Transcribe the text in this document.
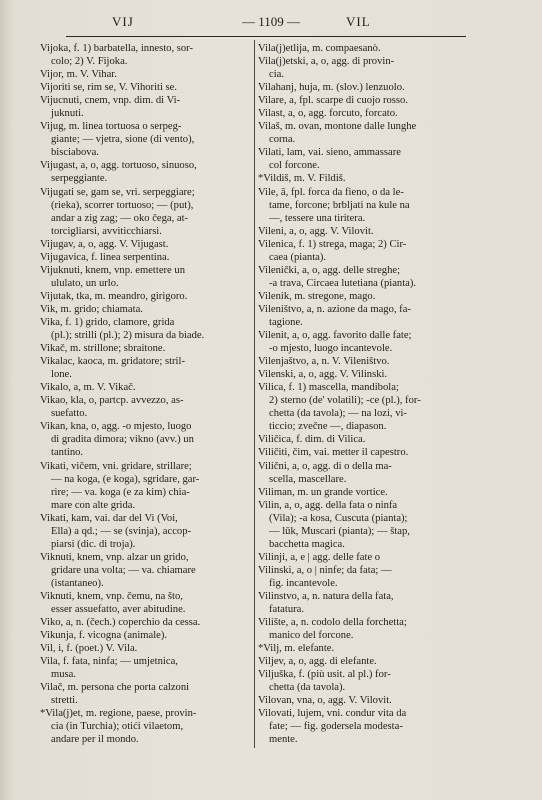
VIJ	— 1109 —	VIL
Vijoka, f. 1) barbatella, innesto, sor-
colo; 2) V. Fijoka.
Vijor, m. V. Vihar.
Vijoriti se, rim se, V. Vihoriti se.
Vijucnuti, cnem, vnp. dim. di Vi-
juknuti.
Vijug, m. linea tortuosa o serpeg-
giante; — vjetra, sione (di vento),
bisciabova.
Vijugast, a, o, agg. tortuoso, sinuoso,
serpeggiante.
Vijugati se, gam se, vri. serpeggiare;
(rieka), scorrer tortuoso; — (put),
andar a zig zag; — oko čega, at-
torcigliarsi, avviticchiarsi.
Vijugav, a, o, agg. V. Vijugast.
Vijugavica, f. linea serpentina.
Vijuknuti, knem, vnp. emettere un
ululato, un urlo.
Vijutak, tka, m. meandro, girigoro.
Vik, m. grido; chiamata.
Vika, f. 1) grido, clamore, grida
(pl.); strilli (pl.); 2) misura da biade.
Vikač, m. strillone; sbraitone.
Vikalac, kaoca, m. gridatore; stril-
lone.
Vikalo, a, m. V. Vikač.
Vikao, kla, o, partcp. avvezzo, as-
suefatto.
Vikan, kna, o, agg. -o mjesto, luogo
di gradita dimora; vikno (avv.) un
tantino.
Vikati, vičem, vni. gridare, strillare;
— na koga, (e koga), sgridare, gar-
rire; — va. koga (e za kim) chia-
mare con alte grida.
Vikati, kam, vai. dar del Vi (Voi,
Ella) a qd.; — se (svinja), accop-
piarsi (dic. di troja).
Viknuti, knem, vnp. alzar un grido,
gridare una volta; — va. chiamare
(istantaneo).
Viknuti, knem, vnp. čemu, na što,
esser assuefatto, aver abitudine.
Viko, a, n. (čech.) coperchio da cessa.
Vikunja, f. vicogna (animale).
Vil, i, f. (poet.) V. Vila.
Vila, f. fata, ninfa; — umjetnica,
musa.
Vilač, m. persona che porta calzoni
stretti.
*Vila(j)et, m. regione, paese, provin-
cia (in Turchia); otići vilaetom,
andare per il mondo.
Vila(j)etlija, m. compaesanò.
Vila(j)etski, a, o, agg. di provin-
cia.
Vilahanj, huja, m. (slov.) lenzuolo.
Vilare, a, fpl. scarpe di cuojo rosso.
Vilast, a, o, agg. forcuto, forcato.
Vilaš, m. ovan, montone dalle lunghe
corna.
Vilati, lam, vai. sieno, ammassare
col forcone.
*Vildiš, m. V. Fildiš.
Vile, ā, fpl. forca da fieno, o da le-
tame, forcone; brbljati na kule na
—, tessere una tiritera.
Vileni, a, o, agg. V. Vilovit.
Vilenica, f. 1) strega, maga; 2) Cir-
caea (pianta).
Vilenički, a, o, agg. delle streghe;
-a trava, Circaea lutetiana (pianta).
Vilenik, m. stregone, mago.
Vileništvo, a, n. azione da mago, fa-
tagione.
Vilenit, a, o, agg. favorito dalle fate;
-o mjesto, luogo incantevole.
Vilenjaštvo, a, n. V. Vileništvo.
Vilenski, a, o, agg. V. Vilinski.
Vilica, f. 1) mascella, mandibola;
2) sterno (de' volatili); -ce (pl.), for-
chetta (da tavola); — na lozi, vi-
ticcio; zvečne —, diapason.
Viličica, f. dim. di Vilica.
Viličiti, čim, vai. metter il capestro.
Vilični, a, o, agg. di o della ma-
scella, mascellare.
Viliman, m. un grande vortice.
Vilin, a, o, agg. della fata o ninfa
(Vila); -a kosa, Cuscuta (pianta);
— lūk, Muscari (pianta); — štap,
bacchetta magica.
Vilinji, a, e | agg. delle fate o
Vilinski, a, o | ninfe; da fata; —
fig. incantevole.
Vilinstvo, a, n. natura della fata,
fatatura.
Vilište, a, n. codolo della forchetta;
manico del forcone.
*Vilj, m. elefante.
Viljev, a, o, agg. di elefante.
Viljuška, f. (più usit. al pl.) for-
chetta (da tavola).
Vilovan, vna, o, agg. V. Vilovit.
Vilovati, lujem, vni. condur vita da
fate; — fig. godersela modesta-
mente.
